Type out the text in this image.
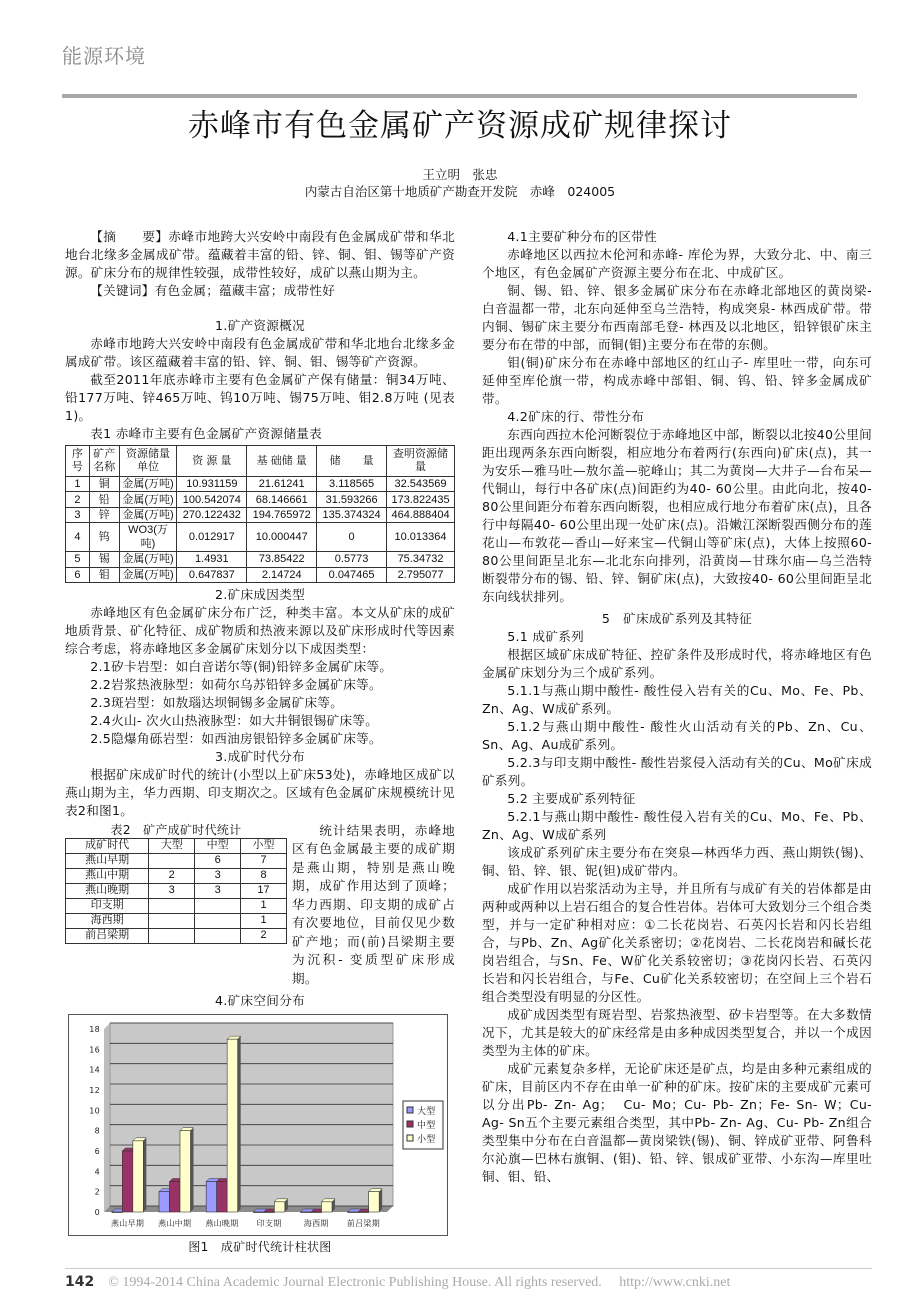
能源环境
赤峰市有色金属矿产资源成矿规律探讨
王立明　张忠
内蒙古自治区第十地质矿产勘查开发院　赤峰　024005

【摘　　要】赤峰市地跨大兴安岭中南段有色金属成矿带和华北地台北缘多金属成矿带。蕴藏着丰富的铅、锌、铜、钼、锡等矿产资源。矿床分布的规律性较强，成带性较好，成矿以燕山期为主。

【关键词】有色金属；蕴藏丰富；成带性好

1.矿产资源概况

赤峰市地跨大兴安岭中南段有色金属成矿带和华北地台北缘多金属成矿带。该区蕴藏着丰富的铅、锌、铜、钼、锡等矿产资源。

截至2011年底赤峰市主要有色金属矿产保有储量：铜34万吨、铅177万吨、锌465万吨、钨10万吨、锡75万吨、钼2.8万吨 (见表1)。

表1 赤峰市主要有色金属矿产资源储量表

序号	矿产名称	资源储量单位	资 源 量	基 础储 量	储　　量	查明资源储量
1	铜	金属(万吨)	10.931159	21.61241	3.118565	32.543569
2	铅	金属(万吨)	100.542074	68.146661	31.593266	173.822435
3	锌	金属(万吨)	270.122432	194.765972	135.374324	464.888404
4	钨	WO3(万吨)	0.012917	10.000447	0	10.013364
5	锡	金属(万吨)	1.4931	73.85422	0.5773	75.34732
6	钼	金属(万吨)	0.647837	2.14724	0.047465	2.795077
2.矿床成因类型

赤峰地区有色金属矿床分布广泛，种类丰富。本文从矿床的成矿地质背景、矿化特征、成矿物质和热液来源以及矿床形成时代等因素综合考虑，将赤峰地区多金属矿床划分以下成因类型：

2.1矽卡岩型：如白音诺尔等(铜)铅锌多金属矿床等。

2.2岩浆热液脉型：如荷尔乌苏铅锌多金属矿床等。

2.3斑岩型：如敖瑙达坝铜锡多金属矿床等。

2.4火山- 次火山热液脉型：如大井铜银锡矿床等。

2.5隐爆角砾岩型：如西油房银铅锌多金属矿床等。

3.成矿时代分布

根据矿床成矿时代的统计(小型以上矿床53处)，赤峰地区成矿以燕山期为主，华力西期、印支期次之。区域有色金属矿床规模统计见表2和图1。

表2　矿产成矿时代统计
成矿时代	大型	中型	小型
燕山早期		6	7
燕山中期	2	3	8
燕山晚期	3	3	17
印支期			1
海西期			1
前吕梁期			2
　　统计结果表明，赤峰地区有色金属最主要的成矿期是燕山期，特别是燕山晚期，成矿作用达到了顶峰；华力西期、印支期的成矿占有次要地位，目前仅见少数矿产地；而(前)吕梁期主要为沉积- 变质型矿床形成期。
4.矿床空间分布
0
2
4
6
8
10
12
14
16
18
燕山早期 燕山中期 燕山晚期 印支期	海西期 前吕梁期
大型
中型
小型
图1　成矿时代统计柱状图

4.1主要矿种分布的区带性

赤峰地区以西拉木伦河和赤峰- 库伦为界，大致分北、中、南三个地区，有色金属矿产资源主要分布在北、中成矿区。

铜、锡、铅、锌、银多金属矿床分布在赤峰北部地区的黄岗梁- 白音温都一带，北东向延伸至乌兰浩特，构成突泉- 林西成矿带。带内铜、锡矿床主要分布西南部毛登- 林西及以北地区，铅锌银矿床主要分布在带的中部，而铜(钼)主要分布在带的东侧。

钼(铜)矿床分布在赤峰中部地区的红山子- 库里吐一带，向东可延伸至库伦旗一带，构成赤峰中部钼、铜、钨、铅、锌多金属成矿带。

4.2矿床的行、带性分布

东西向西拉木伦河断裂位于赤峰地区中部，断裂以北按40公里间距出现两条东西向断裂，相应地分布着两行(东西向)矿床(点)，其一为安乐—雅马吐—敖尔盖—驼峰山；其二为黄岗—大井子—台布呆—代铜山，每行中各矿床(点)间距约为40- 60公里。由此向北，按40- 80公里间距分布着东西向断裂，也相应成行地分布着矿床(点)，且各行中每隔40- 60公里出现一处矿床(点)。沿嫩江深断裂西侧分布的莲花山—布敦花—香山—好来宝—代铜山等矿床(点)，大体上按照60- 80公里间距呈北东—北北东向排列，沿黄岗—甘珠尔庙—乌兰浩特断裂带分布的锡、铅、锌、铜矿床(点)，大致按40- 60公里间距呈北东向线状排列。

5　矿床成矿系列及其特征

5.1 成矿系列

根据区域矿床成矿特征、控矿条件及形成时代，将赤峰地区有色金属矿床划分为三个成矿系列。

5.1.1与燕山期中酸性- 酸性侵入岩有关的Cu、Mo、Fe、Pb、Zn、Ag、W成矿系列。

5.1.2与燕山期中酸性- 酸性火山活动有关的Pb、Zn、Cu、Sn、Ag、Au成矿系列。

5.2.3与印支期中酸性- 酸性岩浆侵入活动有关的Cu、Mo矿床成矿系列。

5.2 主要成矿系列特征

5.2.1与燕山期中酸性- 酸性侵入岩有关的Cu、Mo、Fe、Pb、Zn、Ag、W成矿系列

该成矿系列矿床主要分布在突泉—林西华力西、燕山期铁(锡)、铜、铅、锌、银、铌(钽)成矿带内。

成矿作用以岩浆活动为主导，并且所有与成矿有关的岩体都是由两种或两种以上岩石组合的复合性岩体。岩体可大致划分三个组合类型，并与一定矿种相对应：①二长花岗岩、石英闪长岩和闪长岩组合，与Pb、Zn、Ag矿化关系密切；②花岗岩、二长花岗岩和碱长花岗岩组合，与Sn、Fe、W矿化关系较密切；③花岗闪长岩、石英闪长岩和闪长岩组合，与Fe、Cu矿化关系较密切；在空间上三个岩石组合类型没有明显的分区性。

成矿成因类型有斑岩型、岩浆热液型、矽卡岩型等。在大多数情况下，尤其是较大的矿床经常是由多种成因类型复合，并以一个成因类型为主体的矿床。

成矿元素复杂多样，无论矿床还是矿点，均是由多种元素组成的矿床，目前区内不存在由单一矿种的矿床。按矿床的主要成矿元素可以分出Pb- Zn- Ag；　Cu- Mo；Cu- Pb- Zn；Fe- Sn- W；Cu- Ag- Sn五个主要元素组合类型，其中Pb- Zn- Ag、Cu- Pb- Zn组合类型集中分布在白音温都—黄岗梁铁(锡)、铜、锌成矿亚带、阿鲁科尔沁旗—巴林右旗铜、(钼)、铅、锌、银成矿亚带、小东沟—库里吐铜、钼、铅、

142 © 1994-2014 China Academic Journal Electronic Publishing House. All rights reserved.　 http://www.cnki.net
